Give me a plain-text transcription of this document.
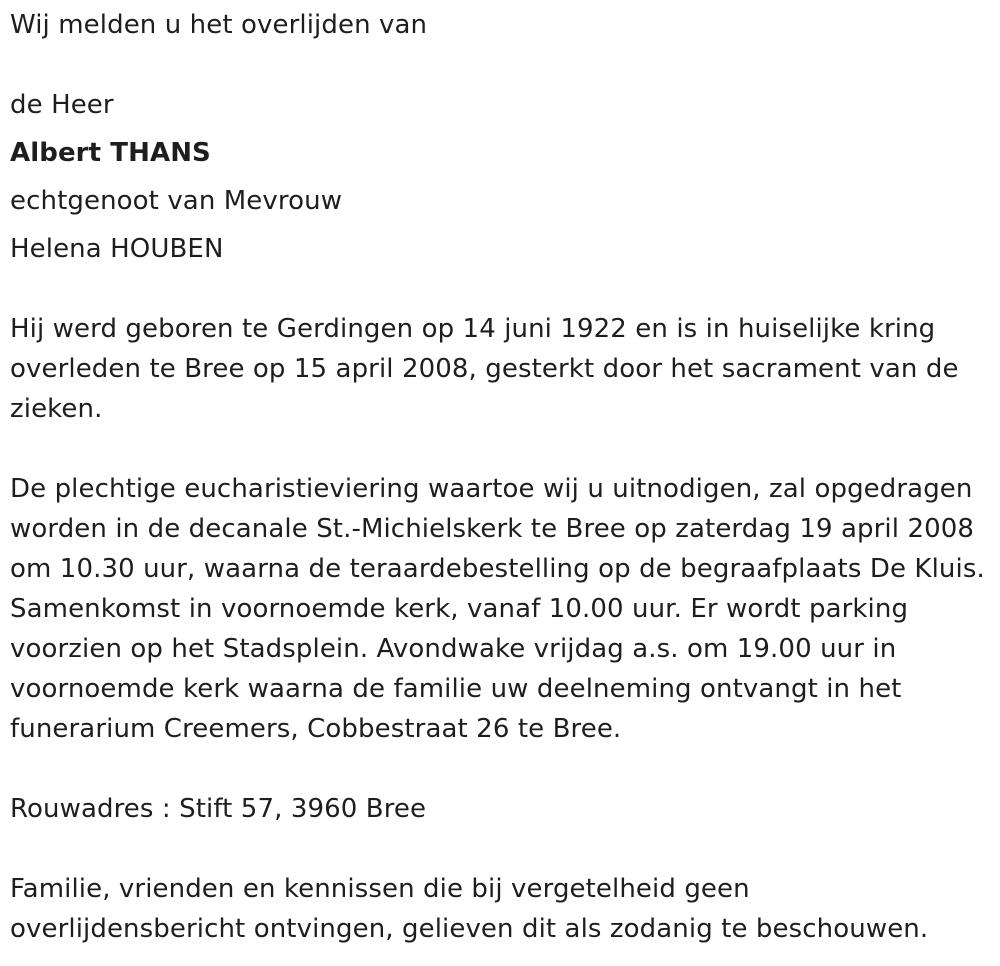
Wij melden u het overlijden van
de Heer
Albert THANS
echtgenoot van Mevrouw
Helena HOUBEN
Hij werd geboren te Gerdingen op 14 juni 1922 en is in huiselijke kring overleden te Bree op 15 april 2008, gesterkt door het sacrament van de zieken.
De plechtige eucharistieviering waartoe wij u uitnodigen, zal opgedragen worden in de decanale St.-Michielskerk te Bree op zaterdag 19 april 2008 om 10.30 uur, waarna de teraardebestelling op de begraafplaats De Kluis. Samenkomst in voornoemde kerk, vanaf 10.00 uur. Er wordt parking voorzien op het Stadsplein. Avondwake vrijdag a.s. om 19.00 uur in voornoemde kerk waarna de familie uw deelneming ontvangt in het funerarium Creemers, Cobbestraat 26 te Bree.
Rouwadres : Stift 57, 3960 Bree
Familie, vrienden en kennissen die bij vergetelheid geen overlijdensbericht ontvingen, gelieven dit als zodanig te beschouwen.
